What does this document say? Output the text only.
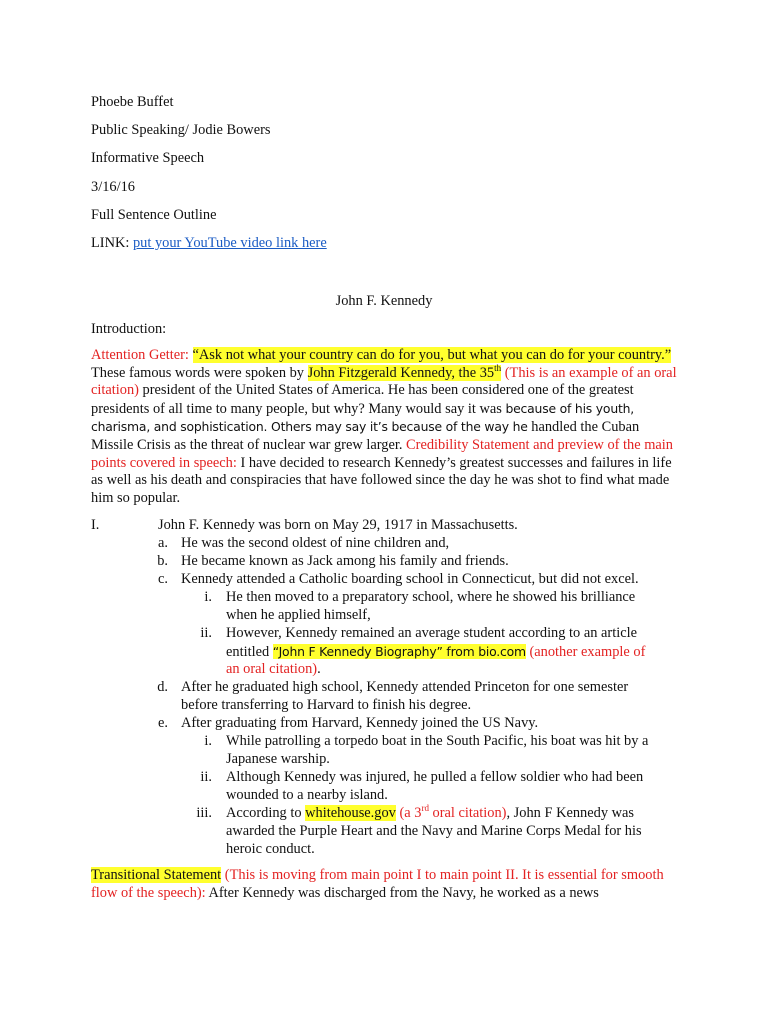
Phoebe Buffet
Public Speaking/ Jodie Bowers
Informative Speech
3/16/16
Full Sentence Outline
LINK: put your YouTube video link here
John F. Kennedy
Introduction:
Attention Getter: “Ask not what your country can do for you, but what you can do for your country.” These famous words were spoken by John Fitzgerald Kennedy, the 35th (This is an example of an oral citation) president of the United States of America. He has been considered one of the greatest presidents of all time to many people, but why? Many would say it was because of his youth, charisma, and sophistication. Others may say it’s because of the way he handled the Cuban Missile Crisis as the threat of nuclear war grew larger. Credibility Statement and preview of the main points covered in speech: I have decided to research Kennedy’s greatest successes and failures in life as well as his death and conspiracies that have followed since the day he was shot to find what made him so popular.
I.	John F. Kennedy was born on May 29, 1917 in Massachusetts.
a. He was the second oldest of nine children and,
b. He became known as Jack among his family and friends.
c. Kennedy attended a Catholic boarding school in Connecticut, but did not excel.
i. He then moved to a preparatory school, where he showed his brilliance
when he applied himself,
ii. However, Kennedy remained an average student according to an article
entitled “John F Kennedy Biography” from bio.com (another example of
an oral citation).
d. After he graduated high school, Kennedy attended Princeton for one semester
before transferring to Harvard to finish his degree.
e. After graduating from Harvard, Kennedy joined the US Navy.
i. While patrolling a torpedo boat in the South Pacific, his boat was hit by a
Japanese warship.
ii. Although Kennedy was injured, he pulled a fellow soldier who had been
wounded to a nearby island.
iii. According to whitehouse.gov (a 3rd oral citation), John F Kennedy was
awarded the Purple Heart and the Navy and Marine Corps Medal for his
heroic conduct.
Transitional Statement (This is moving from main point I to main point II. It is essential for smooth flow of the speech): After Kennedy was discharged from the Navy, he worked as a news
